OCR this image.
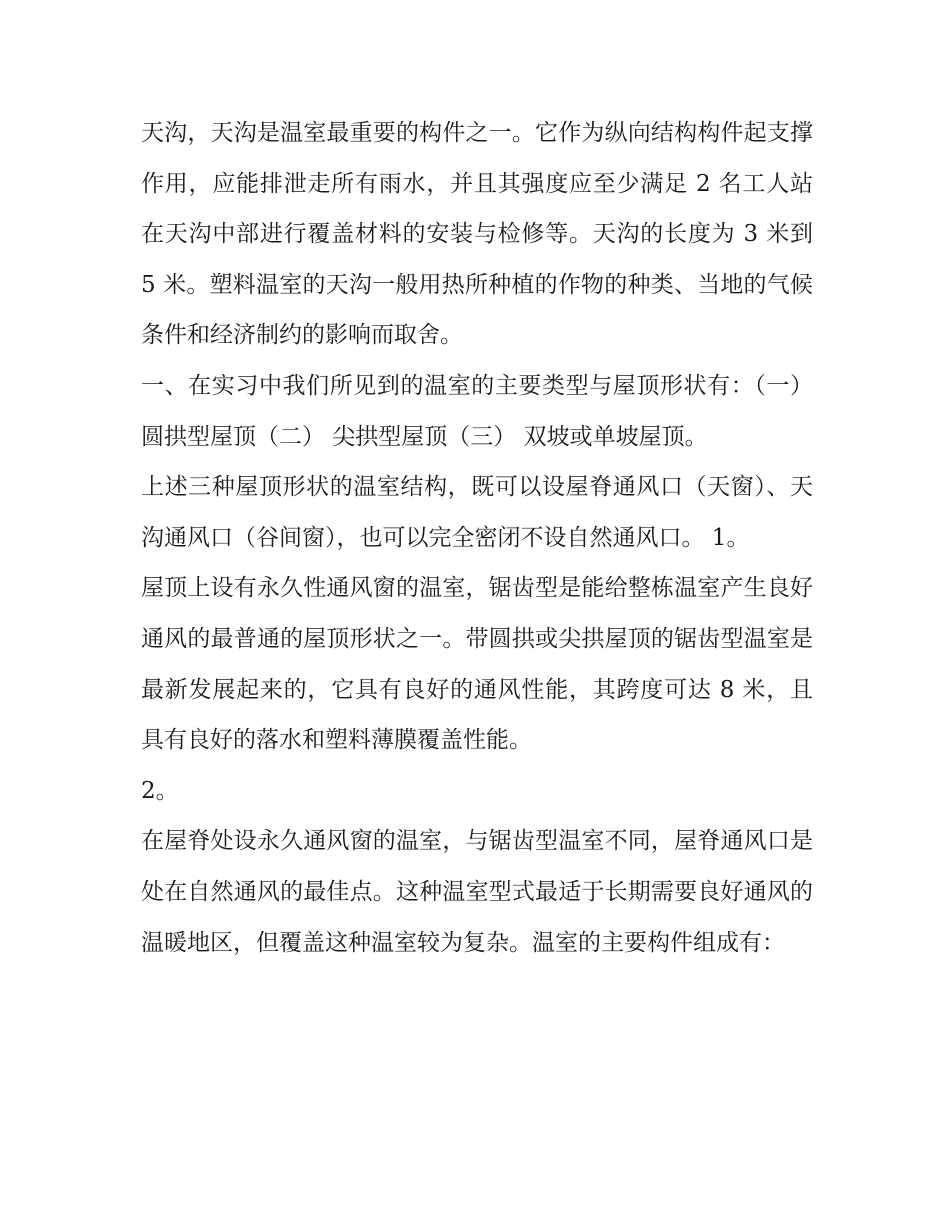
天沟，天沟是温室最重要的构件之一。它作为纵向结构构件起支撑作用，应能排泄走所有雨水，并且其强度应至少满足 2 名工人站在天沟中部进行覆盖材料的安装与检修等。天沟的长度为 3 米到 5 米。塑料温室的天沟一般用热所种植的作物的种类、当地的气候条件和经济制约的影响而取舍。

一、在实习中我们所见到的温室的主要类型与屋顶形状有：（一） 圆拱型屋顶（二） 尖拱型屋顶（三） 双坡或单坡屋顶。

上述三种屋顶形状的温室结构，既可以设屋脊通风口（天窗）、天沟通风口（谷间窗），也可以完全密闭不设自然通风口。 1。

屋顶上设有永久性通风窗的温室，锯齿型是能给整栋温室产生良好通风的最普通的屋顶形状之一。带圆拱或尖拱屋顶的锯齿型温室是最新发展起来的，它具有良好的通风性能，其跨度可达 8 米，且具有良好的落水和塑料薄膜覆盖性能。

2。

在屋脊处设永久通风窗的温室，与锯齿型温室不同，屋脊通风口是处在自然通风的最佳点。这种温室型式最适于长期需要良好通风的温暖地区，但覆盖这种温室较为复杂。温室的主要构件组成有：
